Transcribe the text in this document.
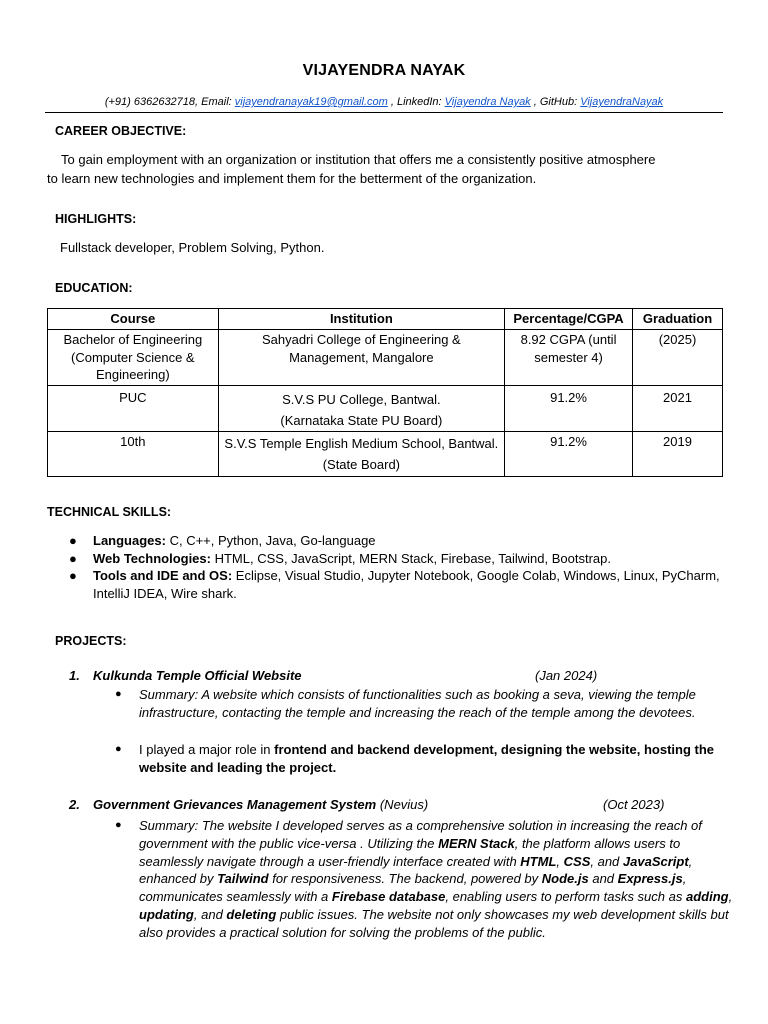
VIJAYENDRA NAYAK
(+91) 6362632718, Email: vijayendranayak19@gmail.com , LinkedIn: Vijayendra Nayak , GitHub: VijayendraNayak
CAREER OBJECTIVE:
To gain employment with an organization or institution that offers me a consistently positive atmosphere
to learn new technologies and implement them for the betterment of the organization.
HIGHLIGHTS:
Fullstack developer, Problem Solving, Python.
EDUCATION:
Course	Institution	Percentage/CGPA	Graduation
Bachelor of Engineering (Computer Science & Engineering)	Sahyadri College of Engineering & Management, Mangalore	8.92 CGPA (until semester 4)	(2025)
PUC	S.V.S PU College, Bantwal. (Karnataka State PU Board)	91.2%	2021
10th	S.V.S Temple English Medium School, Bantwal. (State Board)	91.2%	2019
TECHNICAL SKILLS:
● Languages: C, C++, Python, Java, Go-language
● Web Technologies: HTML, CSS, JavaScript, MERN Stack, Firebase, Tailwind, Bootstrap.
● Tools and IDE and OS: Eclipse, Visual Studio, Jupyter Notebook, Google Colab, Windows, Linux, PyCharm, IntelliJ IDEA, Wire shark.
PROJECTS:
1. Kulkunda Temple Official Website	(Jan 2024)
● Summary: A website which consists of functionalities such as booking a seva, viewing the temple infrastructure, contacting the temple and increasing the reach of the temple among the devotees.
● I played a major role in frontend and backend development, designing the website, hosting the website and leading the project.
2. Government Grievances Management System (Nevius)	(Oct 2023)
● Summary: The website I developed serves as a comprehensive solution in increasing the reach of government with the public vice-versa . Utilizing the MERN Stack, the platform allows users to seamlessly navigate through a user-friendly interface created with HTML, CSS, and JavaScript, enhanced by Tailwind for responsiveness. The backend, powered by Node.js and Express.js, communicates seamlessly with a Firebase database, enabling users to perform tasks such as adding, updating, and deleting public issues. The website not only showcases my web development skills but also provides a practical solution for solving the problems of the public.
